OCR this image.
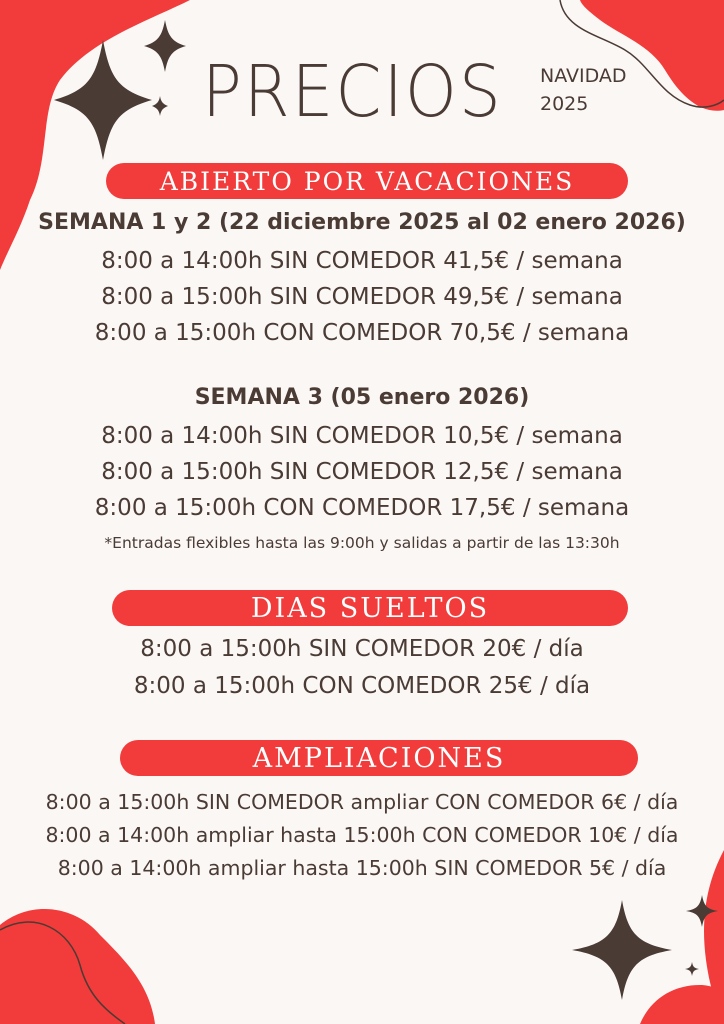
PRECIOS NAVIDAD
2025
ABIERTO POR VACACIONES
SEMANA 1 y 2 (22 diciembre 2025 al 02 enero 2026)
8:00 a 14:00h SIN COMEDOR 41,5€ / semana
8:00 a 15:00h SIN COMEDOR 49,5€ / semana
8:00 a 15:00h CON COMEDOR 70,5€ / semana
SEMANA 3 (05 enero 2026)
8:00 a 14:00h SIN COMEDOR 10,5€ / semana
8:00 a 15:00h SIN COMEDOR 12,5€ / semana
8:00 a 15:00h CON COMEDOR 17,5€ / semana
*Entradas flexibles hasta las 9:00h y salidas a partir de las 13:30h
DIAS SUELTOS
8:00 a 15:00h SIN COMEDOR 20€ / día
8:00 a 15:00h CON COMEDOR 25€ / día
AMPLIACIONES
8:00 a 15:00h SIN COMEDOR ampliar CON COMEDOR 6€ / día
8:00 a 14:00h ampliar hasta 15:00h CON COMEDOR 10€ / día
8:00 a 14:00h ampliar hasta 15:00h SIN COMEDOR 5€ / día
